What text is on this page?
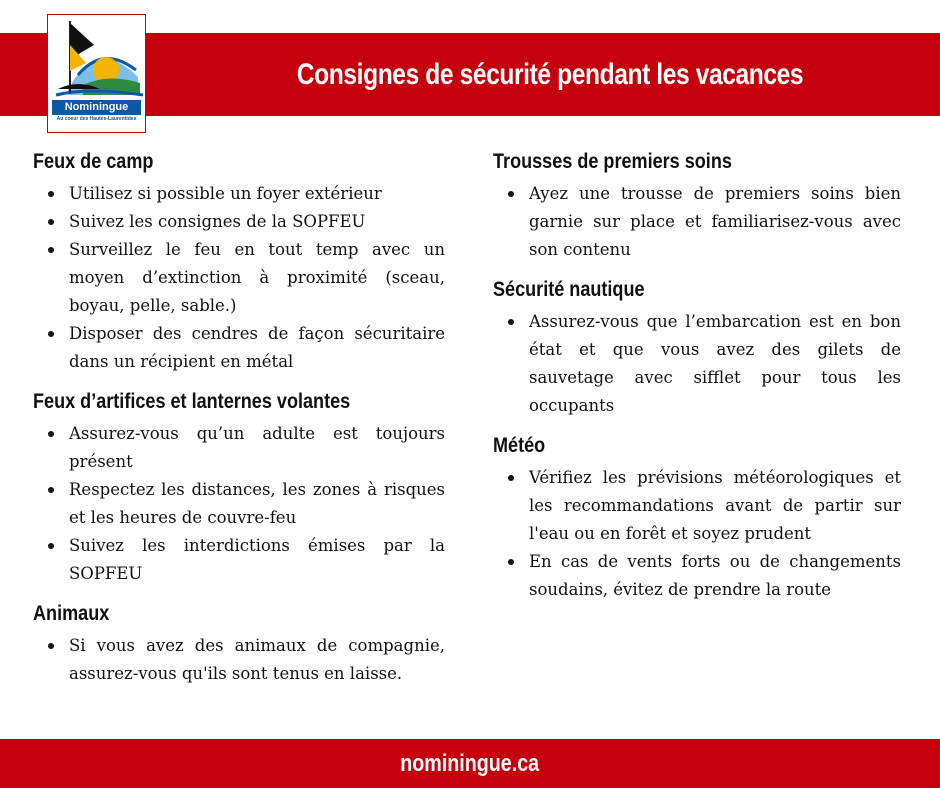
Consignes de sécurité pendant les vacances
Nominingue
Au coeur des Hautes-Laurentides
Feux de camp
Utilisez si possible un foyer extérieur
Suivez les consignes de la SOPFEU
Surveillez le feu en tout temp avec un moyen d’extinction à proximité (sceau, boyau, pelle, sable.)
Disposer des cendres de façon sécuritaire dans un récipient en métal
Feux d’artifices et lanternes volantes
Assurez-vous qu’un adulte est toujours présent
Respectez les distances, les zones à risques et les heures de couvre-feu
Suivez les interdictions émises par la SOPFEU
Animaux
Si vous avez des animaux de compagnie, assurez-vous qu'ils sont tenus en laisse.
Trousses de premiers soins
Ayez une trousse de premiers soins bien garnie sur place et familiarisez-vous avec son contenu
Sécurité nautique
Assurez-vous que l’embarcation est en bon état et que vous avez des gilets de sauvetage avec sifflet pour tous les occupants
Météo
Vérifiez les prévisions météorologiques et les recommandations avant de partir sur l'eau ou en forêt et soyez prudent
En cas de vents forts ou de changements soudains, évitez de prendre la route
nominingue.ca
